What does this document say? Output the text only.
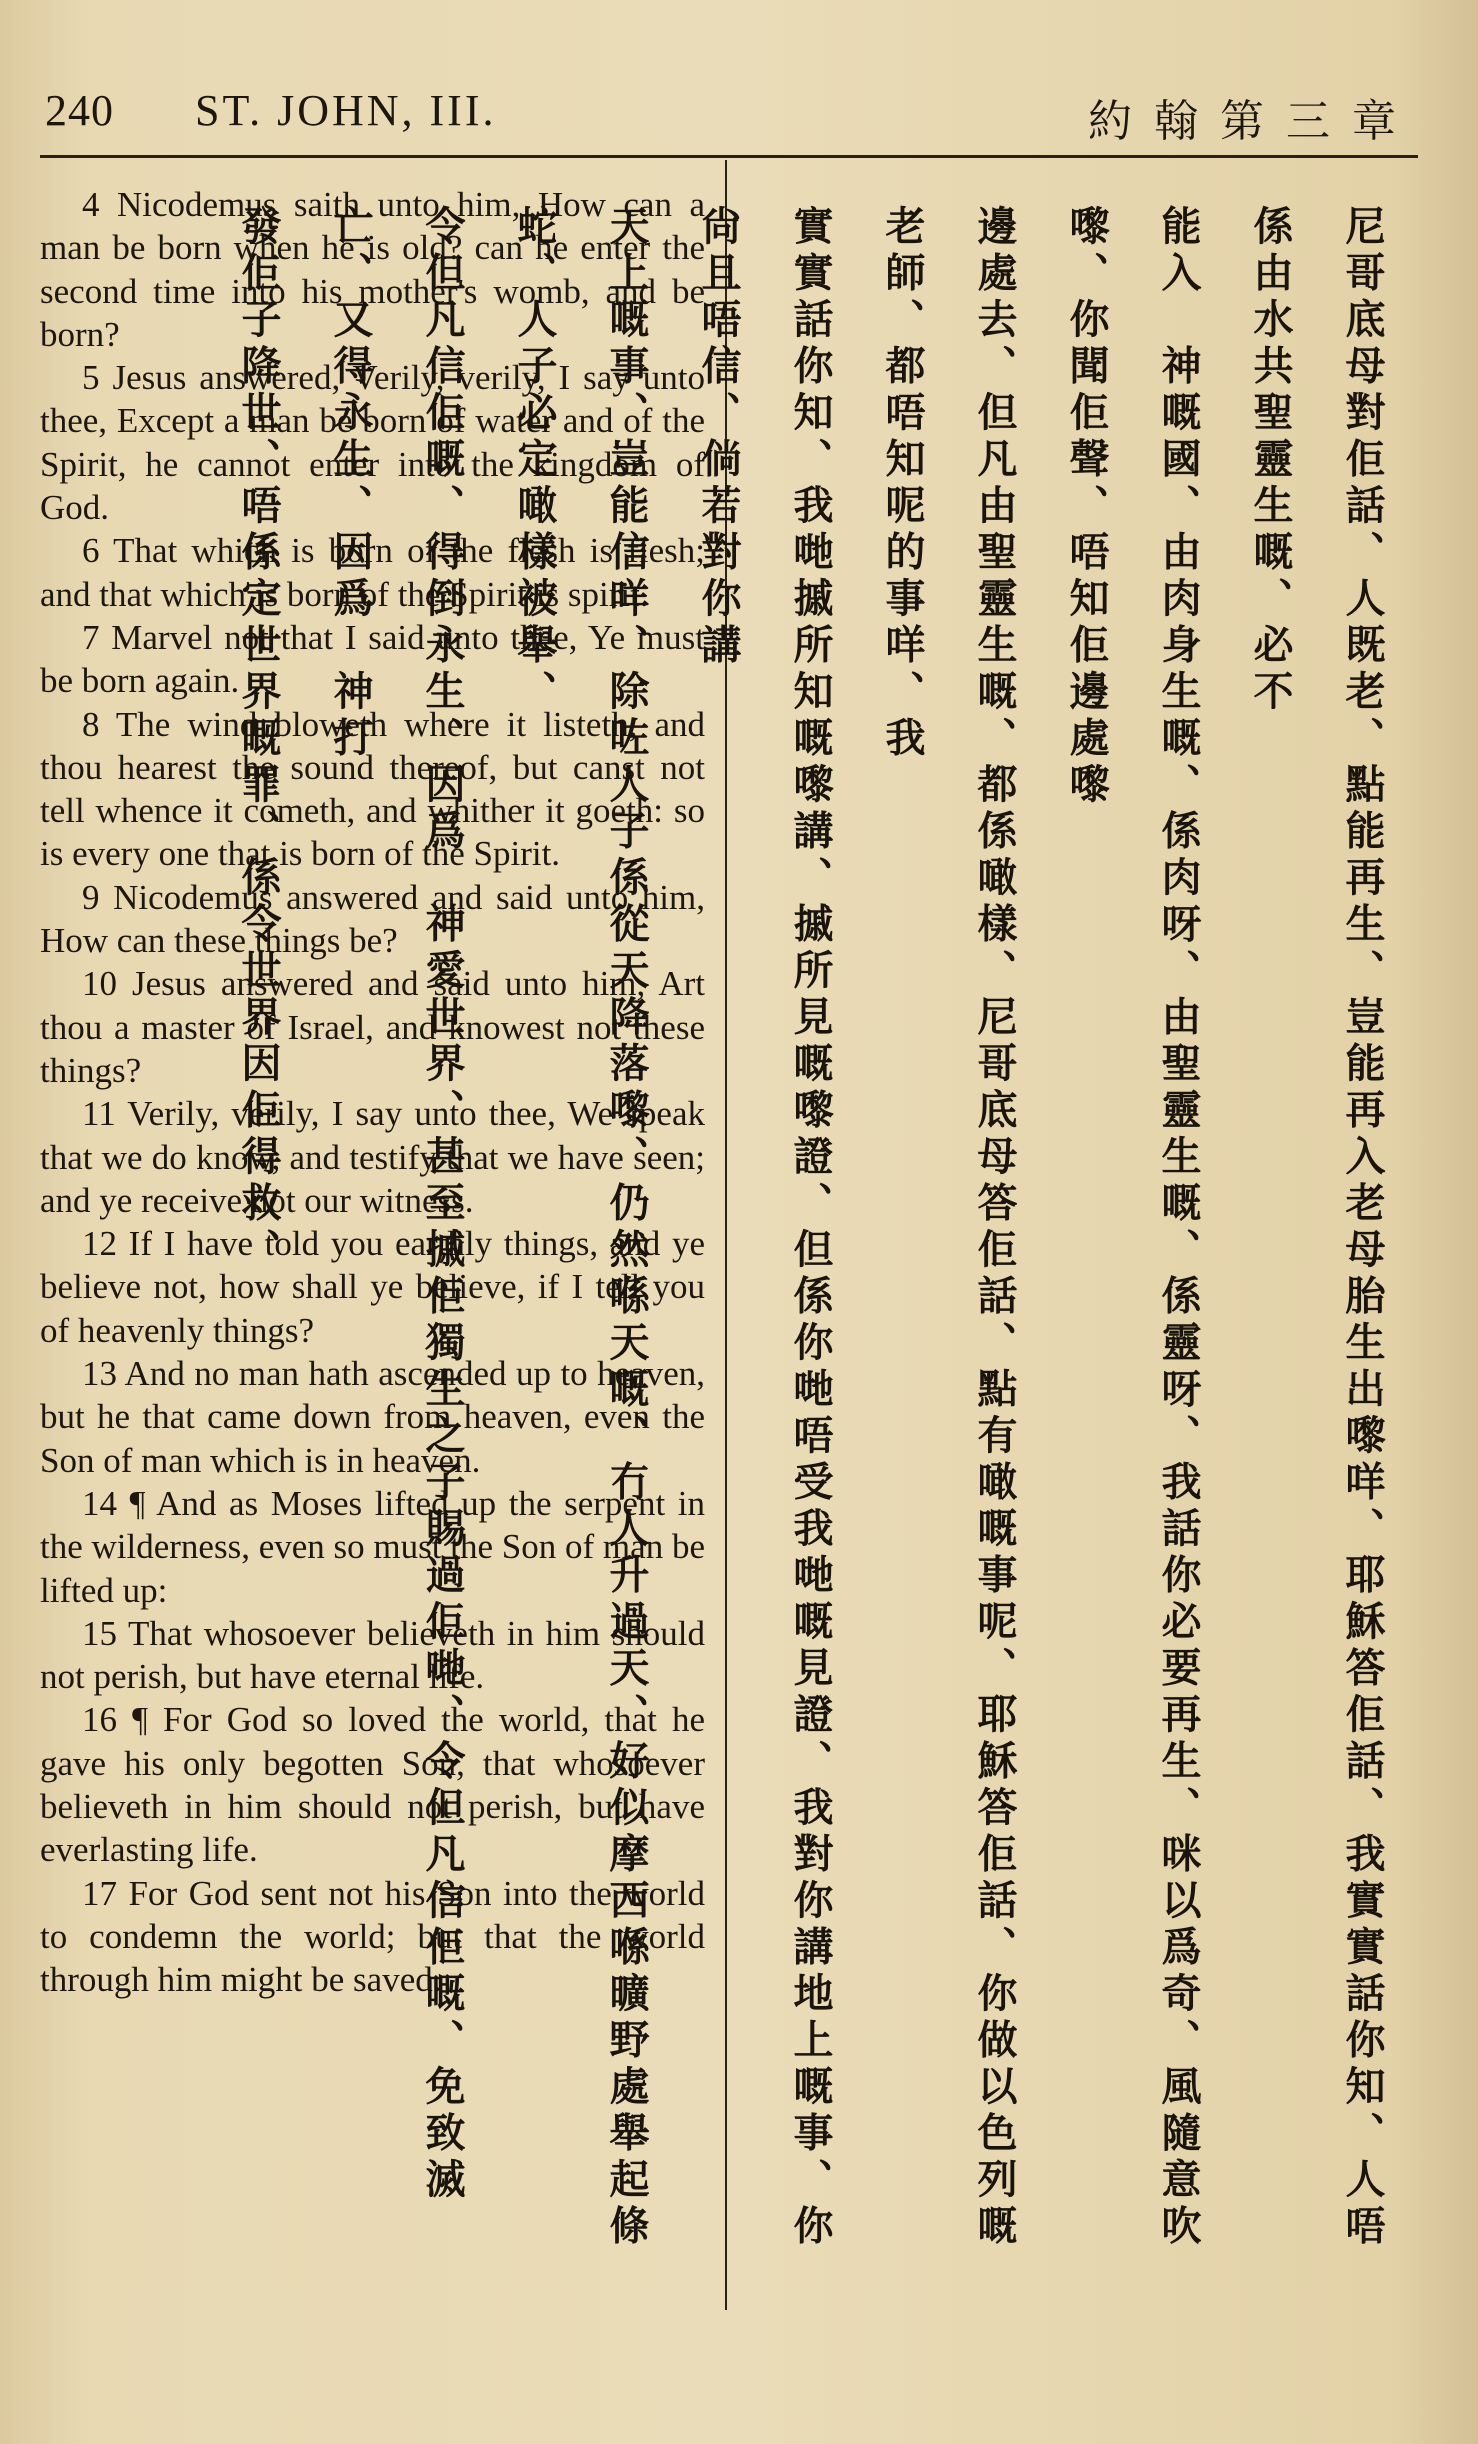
240 ST. JOHN, III.	約翰第三章

4 Nicodemus saith unto him, How can a man be born when he is old? can he enter the second time into his mother's womb, and be born?

5 Jesus answered, Verily, verily, I say unto thee, Except a man be born of water and of the Spirit, he cannot enter into the kingdom of God.

6 That which is born of the flesh is flesh; and that which is born of the Spirit is spirit.

7 Marvel not that I said unto thee, Ye must be born again.

8 The wind bloweth where it listeth, and thou hearest the sound thereof, but canst not tell whence it cometh, and whither it goeth: so is every one that is born of the Spirit.

9 Nicodemus answered and said unto him, How can these things be?

10 Jesus answered and said unto him, Art thou a master of Israel, and knowest not these things?

11 Verily, verily, I say unto thee, We speak that we do know, and testify that we have seen; and ye receive not our witness.

12 If I have told you earthly things, and ye believe not, how shall ye believe, if I tell you of heavenly things?

13 And no man hath ascended up to heaven, but he that came down from heaven, even the Son of man which is in heaven.

14 ¶ And as Moses lifted up the serpent in the wilderness, even so must the Son of man be lifted up:

15 That whosoever believeth in him should not perish, but have eternal life.

16 ¶ For God so loved the world, that he gave his only begotten Son, that whosoever believeth in him should not perish, but have everlasting life.

17 For God sent not his Son into the world to condemn the world; but that the world through him might be saved.	尼哥底母對佢話、人既老、點能再生、豈能再入老母胎生出嚟咩、耶穌答佢話、我實實話你知、人唔係由水共聖靈生嘅、必不
能入　神嘅國、由肉身生嘅、係肉呀、由聖靈生嘅、係靈呀、我話你必要再生、咪以爲奇、風隨意吹嚟、你聞佢聲、唔知佢邊處嚟
邊處去、但凡由聖靈生嘅、都係噉樣、尼哥底母答佢話、點有噉嘅事呢、耶穌答佢話、你做以色列嘅老師、都唔知呢的事咩、我
實實話你知、我哋摵所知嘅嚟講、摵所見嘅嚟證、但係你哋唔受我哋嘅見證、我對你講地上嘅事、你尙且唔信、倘若對你講
天上嘅事、豈能信咩、除咗人子係從天降落嚟、仍然喺天嘅、冇人升過天、好似摩西喺曠野處舉起條蛇、人子必定噉樣被舉、
令但凡信佢嘅、得倒永生、因爲　神愛世界、甚至摵佢獨生之子賜過佢哋、令但凡信佢嘅、免致滅亡、又得永生、因爲　神打
發佢子降世、唔係定世界嘅罪、係令世界因佢得救、
